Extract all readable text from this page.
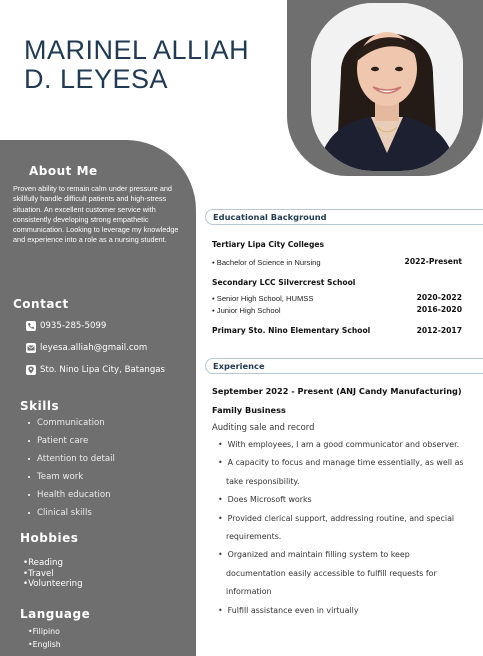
MARINEL ALLIAH
D. LEYESA
About Me
Proven ability to remain calm under pressure and skillfully handle difficult patients and high-stress situation. An excellent customer service with consistently developing strong empathetic communication. Looking to leverage my knowledge and experience into a role as a nursing student.
Contact
0935-285-5099
leyesa.alliah@gmail.com
Sto. Nino Lipa City, Batangas
Skills
Communication
Patient care
Attention to detail
Team work
Health education
Clinical skills
Hobbies
•Reading
•Travel
•Volunteering
Language
•Filipino
•English
Educational Background
Tertiary Lipa City Colleges
• Bachelor of Science in Nursing	2022-Present
Secondary LCC Silvercrest School
• Senior High School, HUMSS	2020-2022
• Junior High School	2016-2020
Primary Sto. Nino Elementary School	2012-2017
Experience
September 2022 - Present (ANJ Candy Manufacturing)
Family Business
Auditing sale and record
•  With employees, I am a good communicator and observer.
•  A capacity to focus and manage time essentially, as well as
take responsibility.
•  Does Microsoft works
•  Provided clerical support, addressing routine, and special
requirements.
•  Organized and maintain filling system to keep
documentation easily accessible to fulfill requests for
information
•  Fulfill assistance even in virtually
